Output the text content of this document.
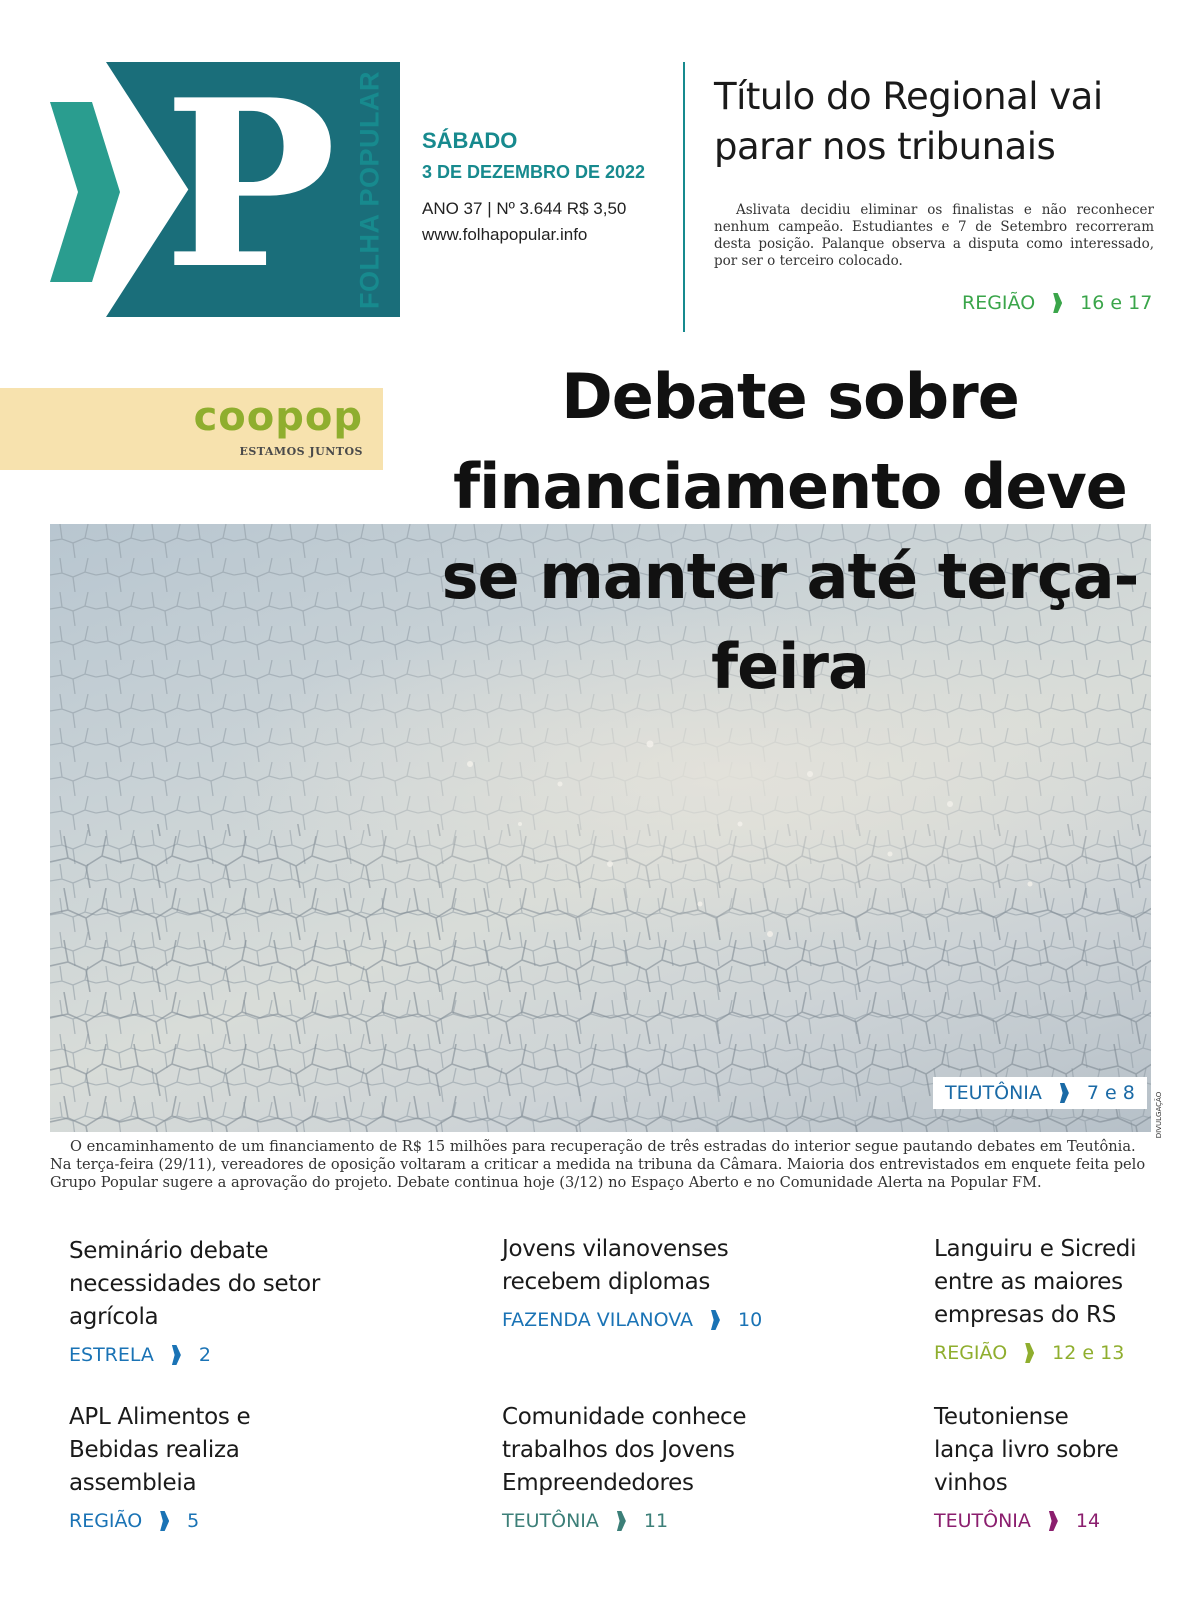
P FOLHA POPULAR SÁBADO
3 DE DEZEMBRO DE 2022
ANO 37 | Nº 3.644 R$ 3,50
www.folhapopular.info
Título do Regional vai parar nos tribunais
Aslivata decidiu eliminar os finalistas e não reconhecer nenhum campeão. Estudiantes e 7 de Setembro recorreram desta posição. Palanque observa a disputa como interessado, por ser o terceiro colocado.
REGIÃO 16 e 17
coopop
ESTAMOS JUNTOS
Debate sobre financiamento deve se manter até terça-feira
TEUTÔNIA 7 e 8	DIVULGAÇÃO
O encaminhamento de um financiamento de R$ 15 milhões para recuperação de três estradas do interior segue pautando debates em Teutônia. Na terça-feira (29/11), vereadores de oposição voltaram a criticar a medida na tribuna da Câmara. Maioria dos entrevistados em enquete feita pelo Grupo Popular sugere a aprovação do projeto. Debate continua hoje (3/12) no Espaço Aberto e no Comunidade Alerta na Popular FM.
Seminário debate necessidades do setor agrícola
ESTRELA 2
Jovens vilanovenses recebem diplomas
FAZENDA VILANOVA 10
Languiru e Sicredi entre as maiores empresas do RS
REGIÃO 12 e 13
APL Alimentos e Bebidas realiza assembleia
REGIÃO 5
Comunidade conhece trabalhos dos Jovens Empreendedores
TEUTÔNIA 11
Teutoniense lança livro sobre vinhos
TEUTÔNIA 14
